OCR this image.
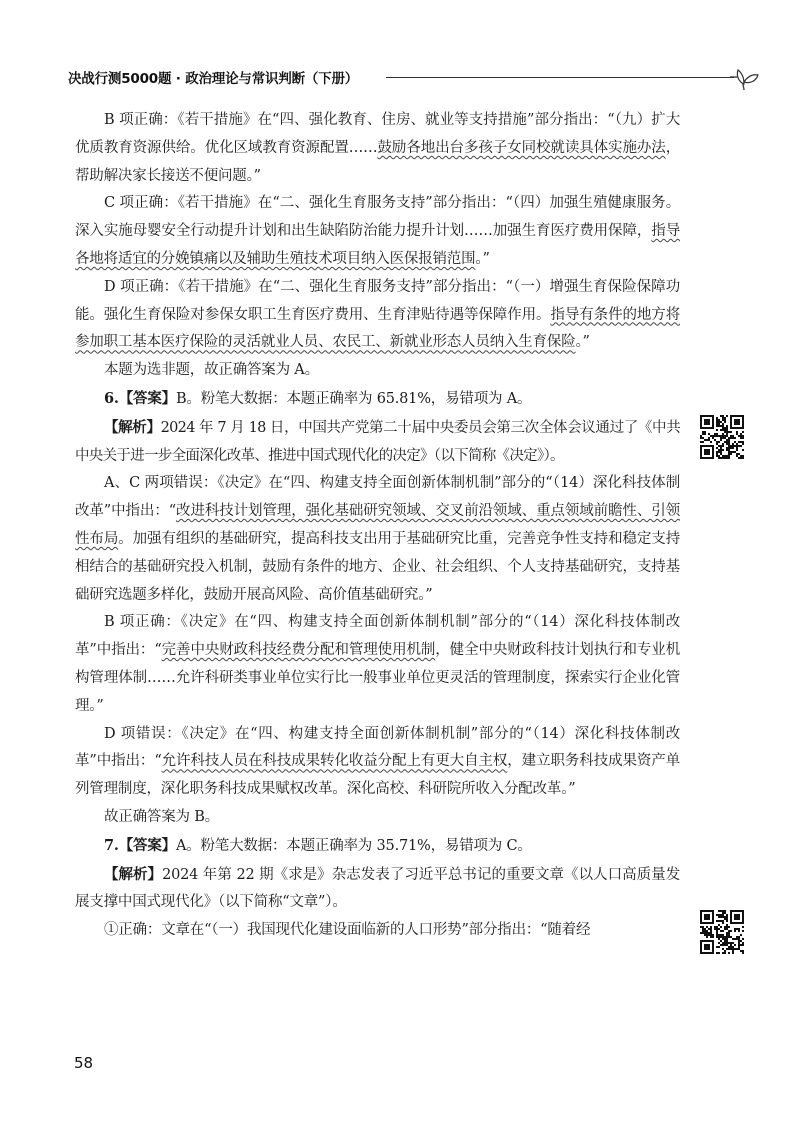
决战行测5000题 · 政治理论与常识判断（下册）

B 项正确：《若干措施》在“四、强化教育、住房、就业等支持措施”部分指出：“（九）扩大优质教育资源供给。优化区域教育资源配置……鼓励各地出台多孩子女同校就读具体实施办法，帮助解决家长接送不便问题。”

C 项正确：《若干措施》在“二、强化生育服务支持”部分指出：“（四）加强生殖健康服务。深入实施母婴安全行动提升计划和出生缺陷防治能力提升计划……加强生育医疗费用保障，指导各地将适宜的分娩镇痛以及辅助生殖技术项目纳入医保报销范围。”

D 项正确：《若干措施》在“二、强化生育服务支持”部分指出：“（一）增强生育保险保障功能。强化生育保险对参保女职工生育医疗费用、生育津贴待遇等保障作用。指导有条件的地方将参加职工基本医疗保险的灵活就业人员、农民工、新就业形态人员纳入生育保险。”

本题为选非题，故正确答案为 A。

6.【答案】B。粉笔大数据：本题正确率为 65.81%，易错项为 A。

【解析】2024 年 7 月 18 日，中国共产党第二十届中央委员会第三次全体会议通过了《中共中央关于进一步全面深化改革、推进中国式现代化的决定》（以下简称《决定》）。

A、C 两项错误：《决定》在“四、构建支持全面创新体制机制”部分的“（14）深化科技体制改革”中指出：“改进科技计划管理，强化基础研究领域、交叉前沿领域、重点领域前瞻性、引领性布局。加强有组织的基础研究，提高科技支出用于基础研究比重，完善竞争性支持和稳定支持相结合的基础研究投入机制，鼓励有条件的地方、企业、社会组织、个人支持基础研究，支持基础研究选题多样化，鼓励开展高风险、高价值基础研究。”

B 项正确：《决定》在“四、构建支持全面创新体制机制”部分的“（14）深化科技体制改革”中指出：“完善中央财政科技经费分配和管理使用机制，健全中央财政科技计划执行和专业机构管理体制……允许科研类事业单位实行比一般事业单位更灵活的管理制度，探索实行企业化管理。”

D 项错误：《决定》在“四、构建支持全面创新体制机制”部分的“（14）深化科技体制改革”中指出：“允许科技人员在科技成果转化收益分配上有更大自主权，建立职务科技成果资产单列管理制度，深化职务科技成果赋权改革。深化高校、科研院所收入分配改革。”

故正确答案为 B。

7.【答案】A。粉笔大数据：本题正确率为 35.71%，易错项为 C。

【解析】2024 年第 22 期《求是》杂志发表了习近平总书记的重要文章《以人口高质量发展支撑中国式现代化》（以下简称“文章”）。

①正确：文章在“（一）我国现代化建设面临新的人口形势”部分指出：“随着经

58
